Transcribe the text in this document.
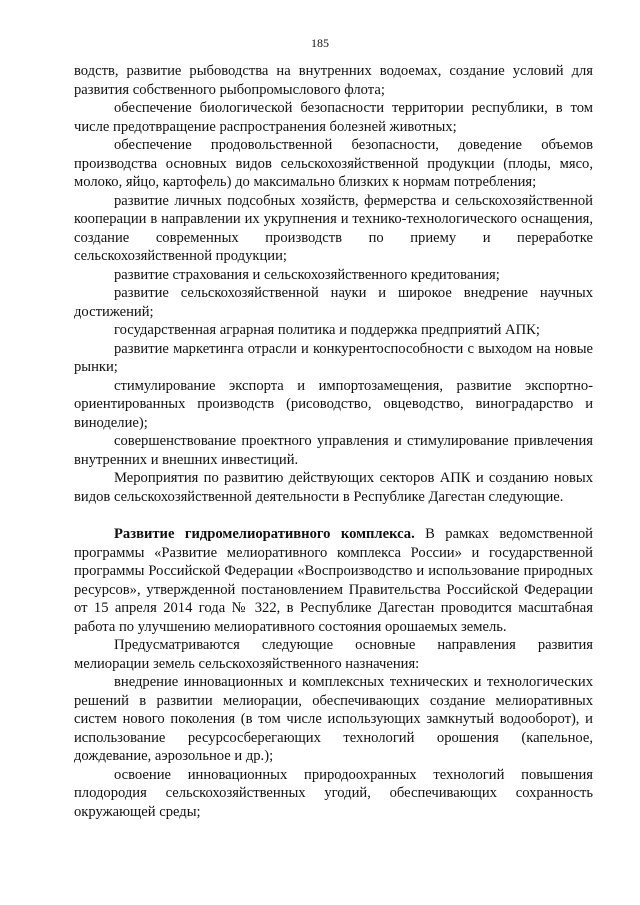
185

водств, развитие рыбоводства на внутренних водоемах, создание условий для развития собственного рыбопромыслового флота;

обеспечение биологической безопасности территории республики, в том числе предотвращение распространения болезней животных;

обеспечение продовольственной безопасности, доведение объемов производства основных видов сельскохозяйственной продукции (плоды, мясо, молоко, яйцо, картофель) до максимально близких к нормам потребления;

развитие личных подсобных хозяйств, фермерства и сельскохозяйственной кооперации в направлении их укрупнения и технико-технологического оснащения, создание современных производств по приему и переработке сельскохозяйственной продукции;

развитие страхования и сельскохозяйственного кредитования;

развитие сельскохозяйственной науки и широкое внедрение научных достижений;

государственная аграрная политика и поддержка предприятий АПК;

развитие маркетинга отрасли и конкурентоспособности с выходом на новые рынки;

стимулирование экспорта и импортозамещения, развитие экспортно-ориентированных производств (рисоводство, овцеводство, виноградарство и виноделие);

совершенствование проектного управления и стимулирование привлечения внутренних и внешних инвестиций.

Мероприятия по развитию действующих секторов АПК и созданию новых видов сельскохозяйственной деятельности в Республике Дагестан следующие.

Развитие гидромелиоративного комплекса. В рамках ведомственной программы «Развитие мелиоративного комплекса России» и государственной программы Российской Федерации «Воспроизводство и использование природных ресурсов», утвержденной постановлением Правительства Российской Федерации от 15 апреля 2014 года № 322, в Республике Дагестан проводится масштабная работа по улучшению мелиоративного состояния орошаемых земель.

Предусматриваются следующие основные направления развития мелиорации земель сельскохозяйственного назначения:

внедрение инновационных и комплексных технических и технологических решений в развитии мелиорации, обеспечивающих создание мелиоративных систем нового поколения (в том числе использующих замкнутый водооборот), и использование ресурсосберегающих технологий орошения (капельное, дождевание, аэрозольное и др.);

освоение инновационных природоохранных технологий повышения плодородия сельскохозяйственных угодий, обеспечивающих сохранность окружающей среды;
